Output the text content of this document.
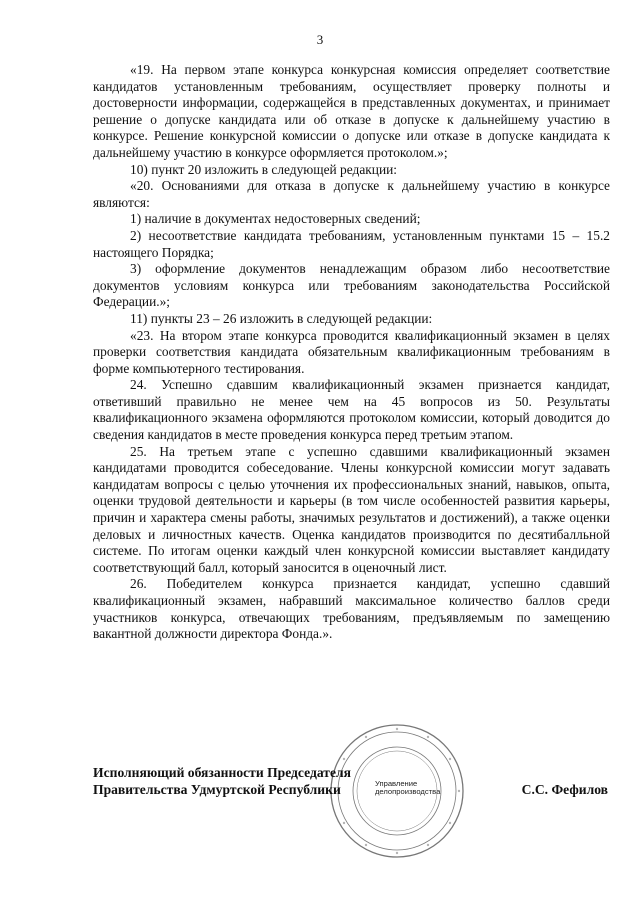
3

«19. На первом этапе конкурса конкурсная комиссия определяет соответствие кандидатов установленным требованиям, осуществляет проверку полноты и достоверности информации, содержащейся в представленных документах, и принимает решение о допуске кандидата или об отказе в допуске к дальнейшему участию в конкурсе. Решение конкурсной комиссии о допуске или отказе в допуске кандидата к дальнейшему участию в конкурсе оформляется протоколом.»;

10) пункт 20 изложить в следующей редакции:

«20. Основаниями для отказа в допуске к дальнейшему участию в конкурсе являются:

1) наличие в документах недостоверных сведений;

2) несоответствие кандидата требованиям, установленным пунктами 15 – 15.2 настоящего Порядка;

3) оформление документов ненадлежащим образом либо несоответствие документов условиям конкурса или требованиям законодательства Российской Федерации.»;

11) пункты 23 – 26 изложить в следующей редакции:

«23. На втором этапе конкурса проводится квалификационный экзамен в целях проверки соответствия кандидата обязательным квалификационным требованиям в форме компьютерного тестирования.

24. Успешно сдавшим квалификационный экзамен признается кандидат, ответивший правильно не менее чем на 45 вопросов из 50. Результаты квалификационного экзамена оформляются протоколом комиссии, который доводится до сведения кандидатов в месте проведения конкурса перед третьим этапом.

25. На третьем этапе с успешно сдавшими квалификационный экзамен кандидатами проводится собеседование. Члены конкурсной комиссии могут задавать кандидатам вопросы с целью уточнения их профессиональных знаний, навыков, опыта, оценки трудовой деятельности и карьеры (в том числе особенностей развития карьеры, причин и характера смены работы, значимых результатов и достижений), а также оценки деловых и личностных качеств. Оценка кандидатов производится по десятибалльной системе. По итогам оценки каждый член конкурсной комиссии выставляет кандидату соответствующий балл, который заносится в оценочный лист.

26. Победителем конкурса признается кандидат, успешно сдавший квалификационный экзамен, набравший максимальное количество баллов среди участников конкурса, отвечающих требованиям, предъявляемым по замещению вакантной должности директора Фонда.».

Управление
делопроизводства
Исполняющий обязанности Председателя
Правительства Удмуртской Республики	С.С. Фефилов
